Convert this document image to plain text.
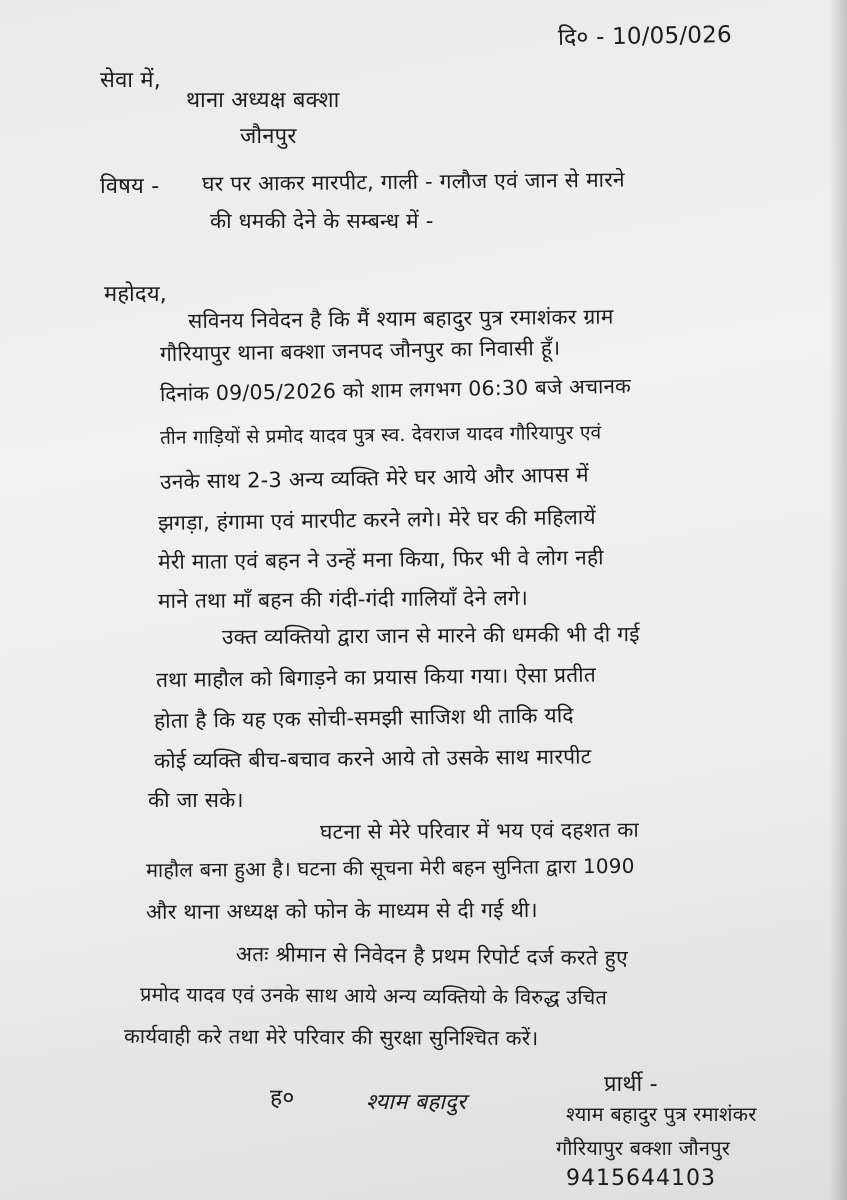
दि० - 10/05/026
सेवा में,
थाना अध्यक्ष बक्शा
जौनपुर
विषय - घर पर आकर मारपीट, गाली - गलौज एवं जान से मारने
की धमकी देने के सम्बन्ध में -
महोदय,
सविनय निवेदन है कि मैं श्याम बहादुर पुत्र रमाशंकर ग्राम
गौरियापुर थाना बक्शा जनपद जौनपुर का निवासी हूँ।
दिनांक 09/05/2026 को शाम लगभग 06:30 बजे अचानक
तीन गाड़ियों से प्रमोद यादव पुत्र स्व. देवराज यादव गौरियापुर एवं
उनके साथ 2-3 अन्य व्यक्ति मेरे घर आये और आपस में
झगड़ा, हंगामा एवं मारपीट करने लगे। मेरे घर की महिलायें
मेरी माता एवं बहन ने उन्हें मना किया, फिर भी वे लोग नही
माने तथा माँ बहन की गंदी-गंदी गालियाँ देने लगे।
उक्त व्यक्तियो द्वारा जान से मारने की धमकी भी दी गई
तथा माहौल को बिगाड़ने का प्रयास किया गया। ऐसा प्रतीत
होता है कि यह एक सोची-समझी साजिश थी ताकि यदि
कोई व्यक्ति बीच-बचाव करने आये तो उसके साथ मारपीट
की जा सके।
घटना से मेरे परिवार में भय एवं दहशत का
माहौल बना हुआ है। घटना की सूचना मेरी बहन सुनिता द्वारा 1090
और थाना अध्यक्ष को फोन के माध्यम से दी गई थी।
अतः श्रीमान से निवेदन है प्रथम रिपोर्ट दर्ज करते हुए
प्रमोद यादव एवं उनके साथ आये अन्य व्यक्तियो के विरुद्ध उचित
कार्यवाही करे तथा मेरे परिवार की सुरक्षा सुनिश्चित करें।
ह०	श्याम बहादुर
प्रार्थी -
श्याम बहादुर पुत्र रमाशंकर
गौरियापुर बक्शा जौनपुर
9415644103
